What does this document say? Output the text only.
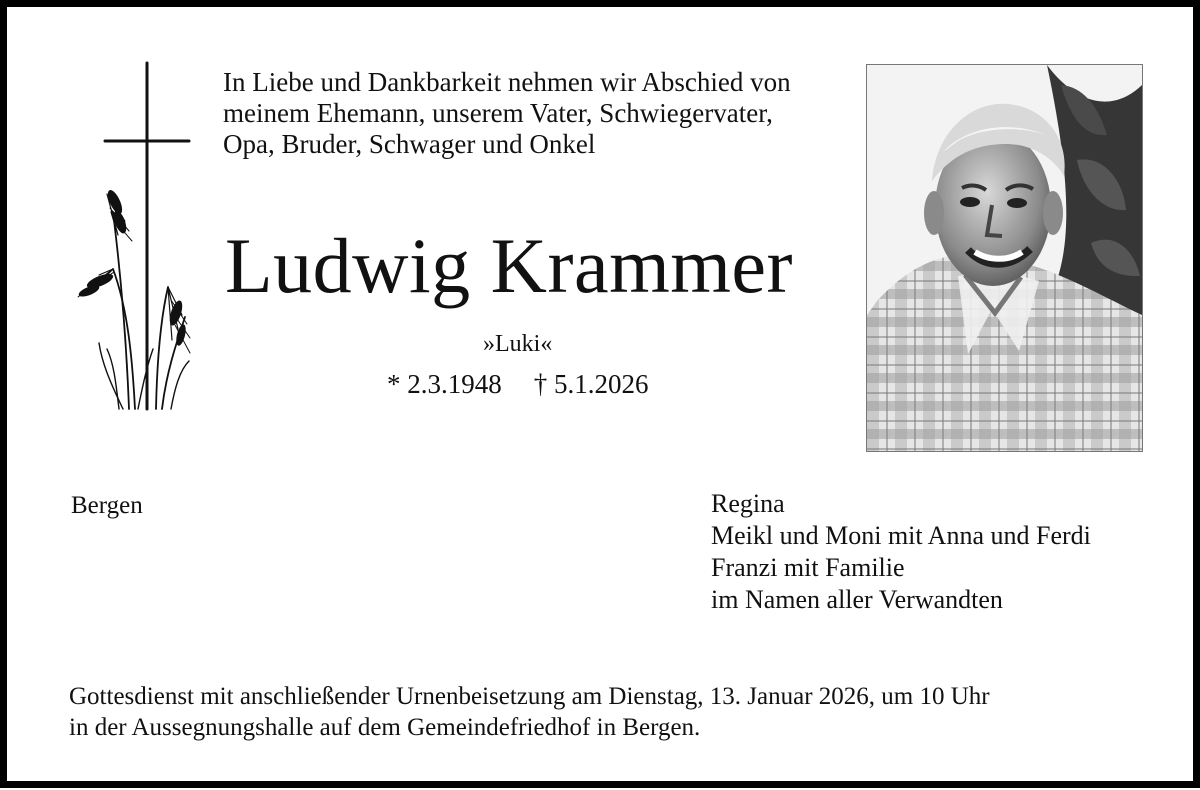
In Liebe und Dankbarkeit nehmen wir Abschied von
meinem Ehemann, unserem Vater, Schwiegervater,
Opa, Bruder, Schwager und Onkel
Ludwig Krammer
»Luki«
* 2.3.1948 † 5.1.2026
Bergen	Regina
Meikl und Moni mit Anna und Ferdi
Franzi mit Familie
im Namen aller Verwandten
Gottesdienst mit anschließender Urnenbeisetzung am Dienstag, 13. Januar 2026, um 10 Uhr
in der Aussegnungshalle auf dem Gemeindefriedhof in Bergen.
